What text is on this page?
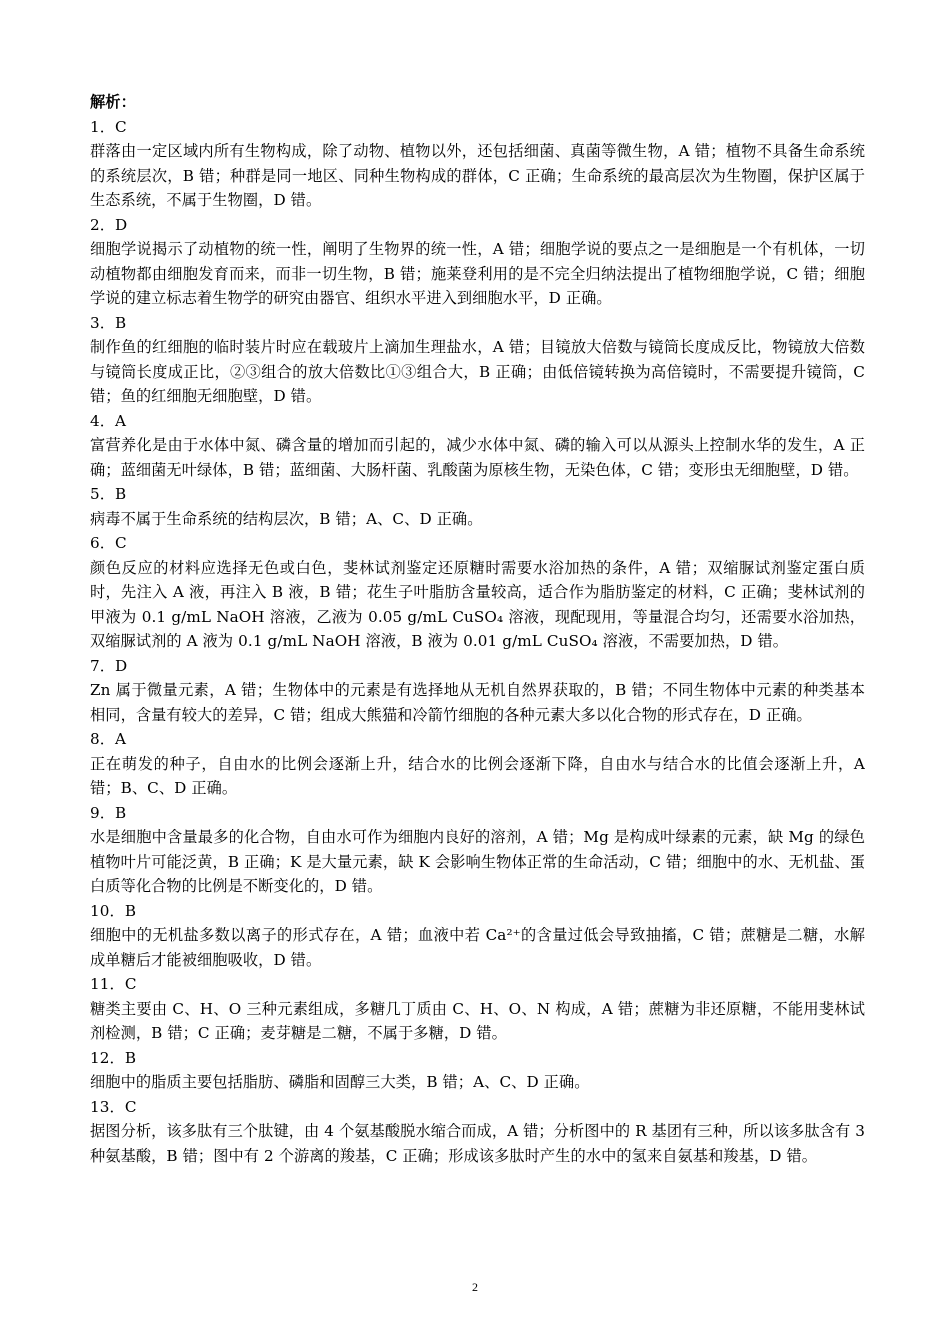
解析：

1．C

群落由一定区域内所有生物构成，除了动物、植物以外，还包括细菌、真菌等微生物，A 错；植物不具备生命系统的系统层次，B 错；种群是同一地区、同种生物构成的群体，C 正确；生命系统的最高层次为生物圈，保护区属于生态系统，不属于生物圈，D 错。

2．D

细胞学说揭示了动植物的统一性，阐明了生物界的统一性，A 错；细胞学说的要点之一是细胞是一个有机体，一切动植物都由细胞发育而来，而非一切生物，B 错；施莱登利用的是不完全归纳法提出了植物细胞学说，C 错；细胞学说的建立标志着生物学的研究由器官、组织水平进入到细胞水平，D 正确。

3．B

制作鱼的红细胞的临时装片时应在载玻片上滴加生理盐水，A 错；目镜放大倍数与镜筒长度成反比，物镜放大倍数与镜筒长度成正比，②③组合的放大倍数比①③组合大，B 正确；由低倍镜转换为高倍镜时，不需要提升镜筒，C 错；鱼的红细胞无细胞壁，D 错。

4．A

富营养化是由于水体中氮、磷含量的增加而引起的，减少水体中氮、磷的输入可以从源头上控制水华的发生，A 正确；蓝细菌无叶绿体，B 错；蓝细菌、大肠杆菌、乳酸菌为原核生物，无染色体，C 错；变形虫无细胞壁，D 错。

5．B

病毒不属于生命系统的结构层次，B 错；A、C、D 正确。

6．C

颜色反应的材料应选择无色或白色，斐林试剂鉴定还原糖时需要水浴加热的条件，A 错；双缩脲试剂鉴定蛋白质时，先注入 A 液，再注入 B 液，B 错；花生子叶脂肪含量较高，适合作为脂肪鉴定的材料，C 正确；斐林试剂的甲液为 0.1 g/mL NaOH 溶液，乙液为 0.05 g/mL CuSO₄ 溶液，现配现用，等量混合均匀，还需要水浴加热，双缩脲试剂的 A 液为 0.1 g/mL NaOH 溶液，B 液为 0.01 g/mL CuSO₄ 溶液，不需要加热，D 错。

7．D

Zn 属于微量元素，A 错；生物体中的元素是有选择地从无机自然界获取的，B 错；不同生物体中元素的种类基本相同，含量有较大的差异，C 错；组成大熊猫和冷箭竹细胞的各种元素大多以化合物的形式存在，D 正确。

8．A

正在萌发的种子，自由水的比例会逐渐上升，结合水的比例会逐渐下降，自由水与结合水的比值会逐渐上升，A 错；B、C、D 正确。

9．B

水是细胞中含量最多的化合物，自由水可作为细胞内良好的溶剂，A 错；Mg 是构成叶绿素的元素，缺 Mg 的绿色植物叶片可能泛黄，B 正确；K 是大量元素，缺 K 会影响生物体正常的生命活动，C 错；细胞中的水、无机盐、蛋白质等化合物的比例是不断变化的，D 错。

10．B

细胞中的无机盐多数以离子的形式存在，A 错；血液中若 Ca²⁺的含量过低会导致抽搐，C 错；蔗糖是二糖，水解成单糖后才能被细胞吸收，D 错。

11．C

糖类主要由 C、H、O 三种元素组成，多糖几丁质由 C、H、O、N 构成，A 错；蔗糖为非还原糖，不能用斐林试剂检测，B 错；C 正确；麦芽糖是二糖，不属于多糖，D 错。

12．B

细胞中的脂质主要包括脂肪、磷脂和固醇三大类，B 错；A、C、D 正确。

13．C

据图分析，该多肽有三个肽键，由 4 个氨基酸脱水缩合而成，A 错；分析图中的 R 基团有三种，所以该多肽含有 3 种氨基酸，B 错；图中有 2 个游离的羧基，C 正确；形成该多肽时产生的水中的氢来自氨基和羧基，D 错。

2
